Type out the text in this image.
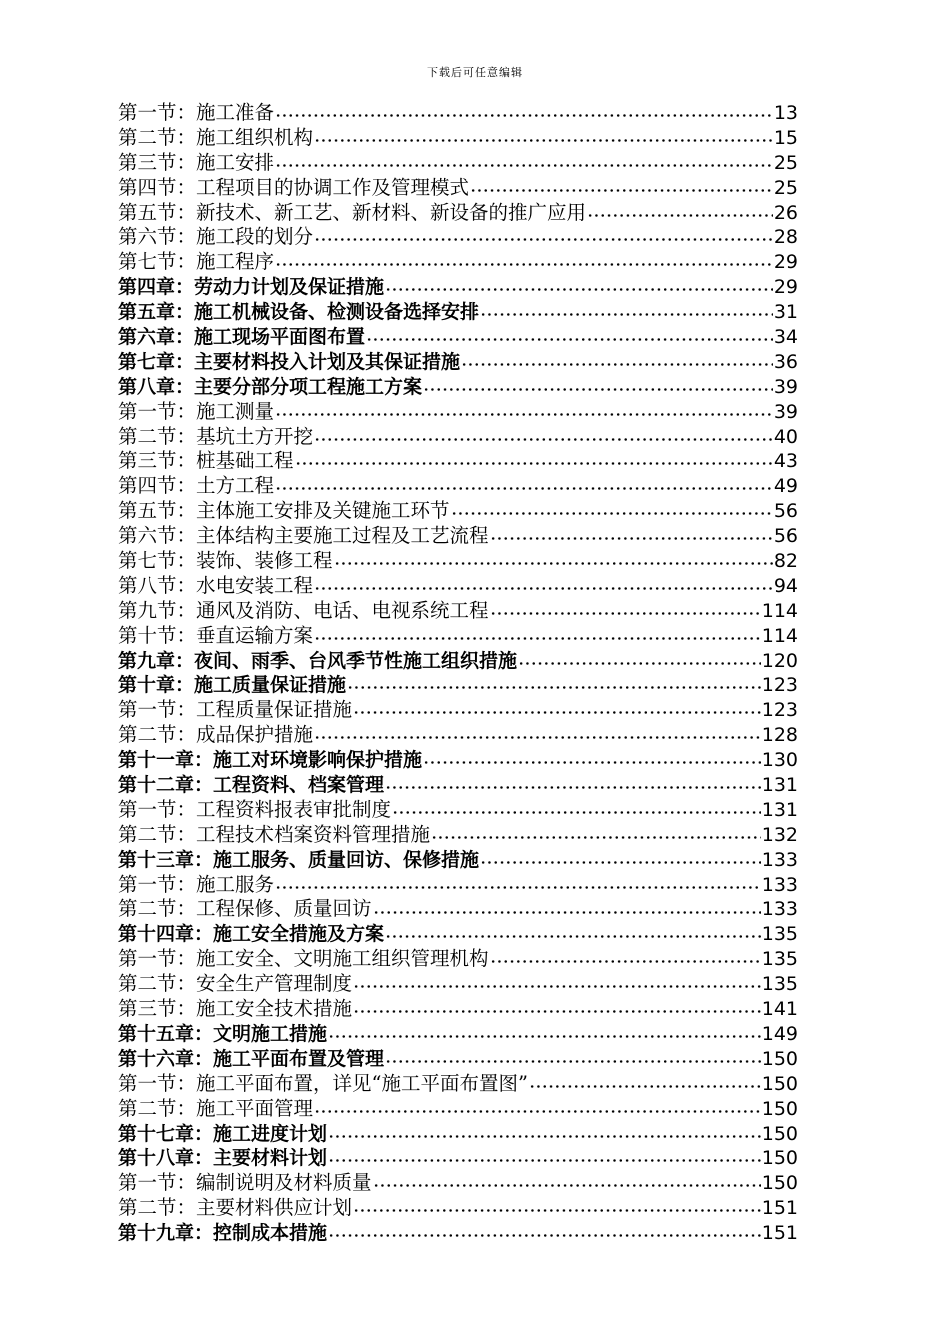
下载后可任意编辑
第一节：施工准备	13
第二节：施工组织机构	15
第三节：施工安排	25
第四节：工程项目的协调工作及管理模式	25
第五节：新技术、新工艺、新材料、新设备的推广应用	26
第六节：施工段的划分	28
第七节：施工程序	29
第四章：劳动力计划及保证措施	29
第五章：施工机械设备、检测设备选择安排	31
第六章：施工现场平面图布置	34
第七章：主要材料投入计划及其保证措施	36
第八章：主要分部分项工程施工方案	39
第一节：施工测量	39
第二节：基坑土方开挖	40
第三节：桩基础工程	43
第四节：土方工程	49
第五节：主体施工安排及关键施工环节	56
第六节：主体结构主要施工过程及工艺流程	56
第七节：装饰、装修工程	82
第八节：水电安装工程	94
第九节：通风及消防、电话、电视系统工程	114
第十节：垂直运输方案	114
第九章：夜间、雨季、台风季节性施工组织措施	120
第十章：施工质量保证措施	123
第一节：工程质量保证措施	123
第二节：成品保护措施	128
第十一章：施工对环境影响保护措施	130
第十二章：工程资料、档案管理	131
第一节：工程资料报表审批制度	131
第二节：工程技术档案资料管理措施	132
第十三章：施工服务、质量回访、保修措施	133
第一节：施工服务	133
第二节：工程保修、质量回访	133
第十四章：施工安全措施及方案	135
第一节：施工安全、文明施工组织管理机构	135
第二节：安全生产管理制度	135
第三节：施工安全技术措施	141
第十五章：文明施工措施	149
第十六章：施工平面布置及管理	150
第一节：施工平面布置，详见“施工平面布置图”	150
第二节：施工平面管理	150
第十七章：施工进度计划	150
第十八章：主要材料计划	150
第一节：编制说明及材料质量	150
第二节：主要材料供应计划	151
第十九章：控制成本措施	151
